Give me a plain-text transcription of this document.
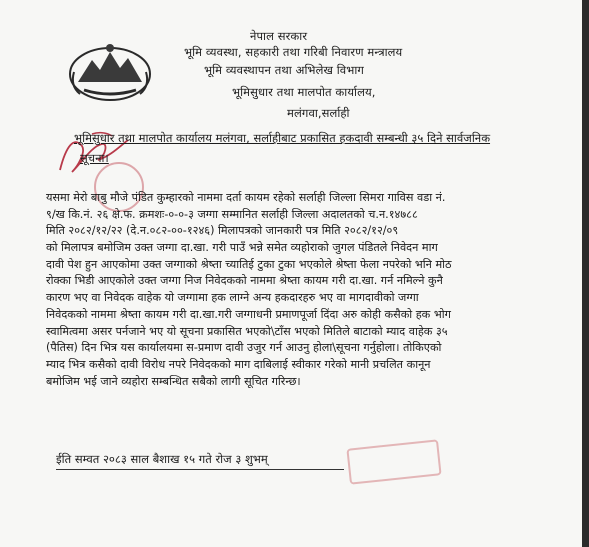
नेपाल सरकार
भूमि व्यवस्था, सहकारी तथा गरिबी निवारण मन्त्रालय
भूमि व्यवस्थापन तथा अभिलेख विभाग
भूमिसुधार तथा मालपोत कार्यालय,
मलंगवा,सर्लाही
भूमिसुधार तथा मालपोत कार्यालय मलंगवा, सर्लाहीबाट प्रकासित हकदावी सम्बन्धी ३५ दिने सार्वजनिक
सूचना।
यसमा मेरो बाबु मौजे पंडित कुम्हारको नाममा दर्ता कायम रहेको सर्लाही जिल्ला सिमरा गाविस वडा नं.
९/ख कि.नं. २६ क्षे.फ. क्रमशः-०-०-३ जग्गा सम्मानित सर्लाही जिल्ला अदालतको च.न.१४७८८
मिति २०८२/१२/२२ (दे.न.०८२-००-१२४६) मिलापत्रको जानकारी पत्र मिति २०८२/१२/०९
को मिलापत्र बमोजिम उक्त जग्गा दा.खा. गरी पाउँ भन्ने समेत व्यहोराको जुगल पंडितले निवेदन माग
दावी पेश हुन आएकोमा उक्त जग्गाको श्रेष्ता च्यातिई टुका टुका भएकोले श्रेष्ता फेला नपरेको भनि मोठ
रोक्का भिडी आएकोले उक्त जग्गा निज निवेदकको नाममा श्रेष्ता कायम गरी दा.खा. गर्न नमिल्ने कुनै
कारण भए वा निवेदक वाहेक यो जग्गामा हक लाग्ने अन्य हकदारहरु भए वा मागदावीको जग्गा
निवेदकको नाममा श्रेष्ता कायम गरी दा.खा.गरी जग्गाधनी प्रमाणपूर्जा दिंदा अरु कोही कसैको हक भोग
स्वामित्वमा असर पर्नजाने भए यो सूचना प्रकासित भएको\टाँस भएको मितिले बाटाको म्याद वाहेक ३५
(पैतिस) दिन भित्र यस कार्यालयमा स-प्रमाण दावी उजुर गर्न आउनु होला\सूचना गर्नुहोला। तोकिएको
म्याद भित्र कसैको दावी विरोध नपरे निवेदकको माग दाबिलाई स्वीकार गरेको मानी प्रचलित कानून
बमोजिम भई जाने व्यहोरा सम्बन्धित सबैको लागी सूचित गरिन्छ।
ईति सम्वत २०८३ साल बैशाख १५ गते रोज ३ शुभम्
